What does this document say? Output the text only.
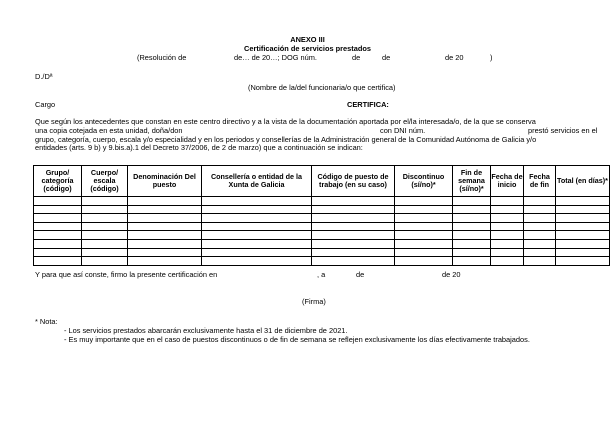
ANEXO III
Certificación de servicios prestados
(Resolución de	de… de 20…; DOG núm.	de	de	de 20	)
D./Dª
(Nombre de la/del funcionaria/o que certifica)
Cargo	CERTIFICA:
Que según los antecedentes que constan en este centro directivo y a la vista de la documentación aportada por el/la interesada/o, de la que se conserva
una copia cotejada en esta unidad, doña/don	con DNI núm.	prestó servicios en el
grupo, categoría, cuerpo, escala y/o especialidad y en los periodos y consellerías de la Administración general de la Comunidad Autónoma de Galicia y/o
entidades (arts. 9 b) y 9.bis.a).1 del Decreto 37/2006, de 2 de marzo) que a continuación se indican:
Grupo/ categoría (código)	Cuerpo/ escala (código)	Denominación Del puesto	Consellería o entidad de la Xunta de Galicia	Código de puesto de trabajo (en su caso)	Discontinuo (sí/no)*	Fin de semana (sí/no)*	Fecha de inicio	Fecha de fin	Total (en días)*

Y para que así conste, firmo la presente certificación en	, a	de	de 20
(Firma)
* Nota:
- Los servicios prestados abarcarán exclusivamente hasta el 31 de diciembre de 2021.
- Es muy importante que en el caso de puestos discontinuos o de fin de semana se reflejen exclusivamente los días efectivamente trabajados.
